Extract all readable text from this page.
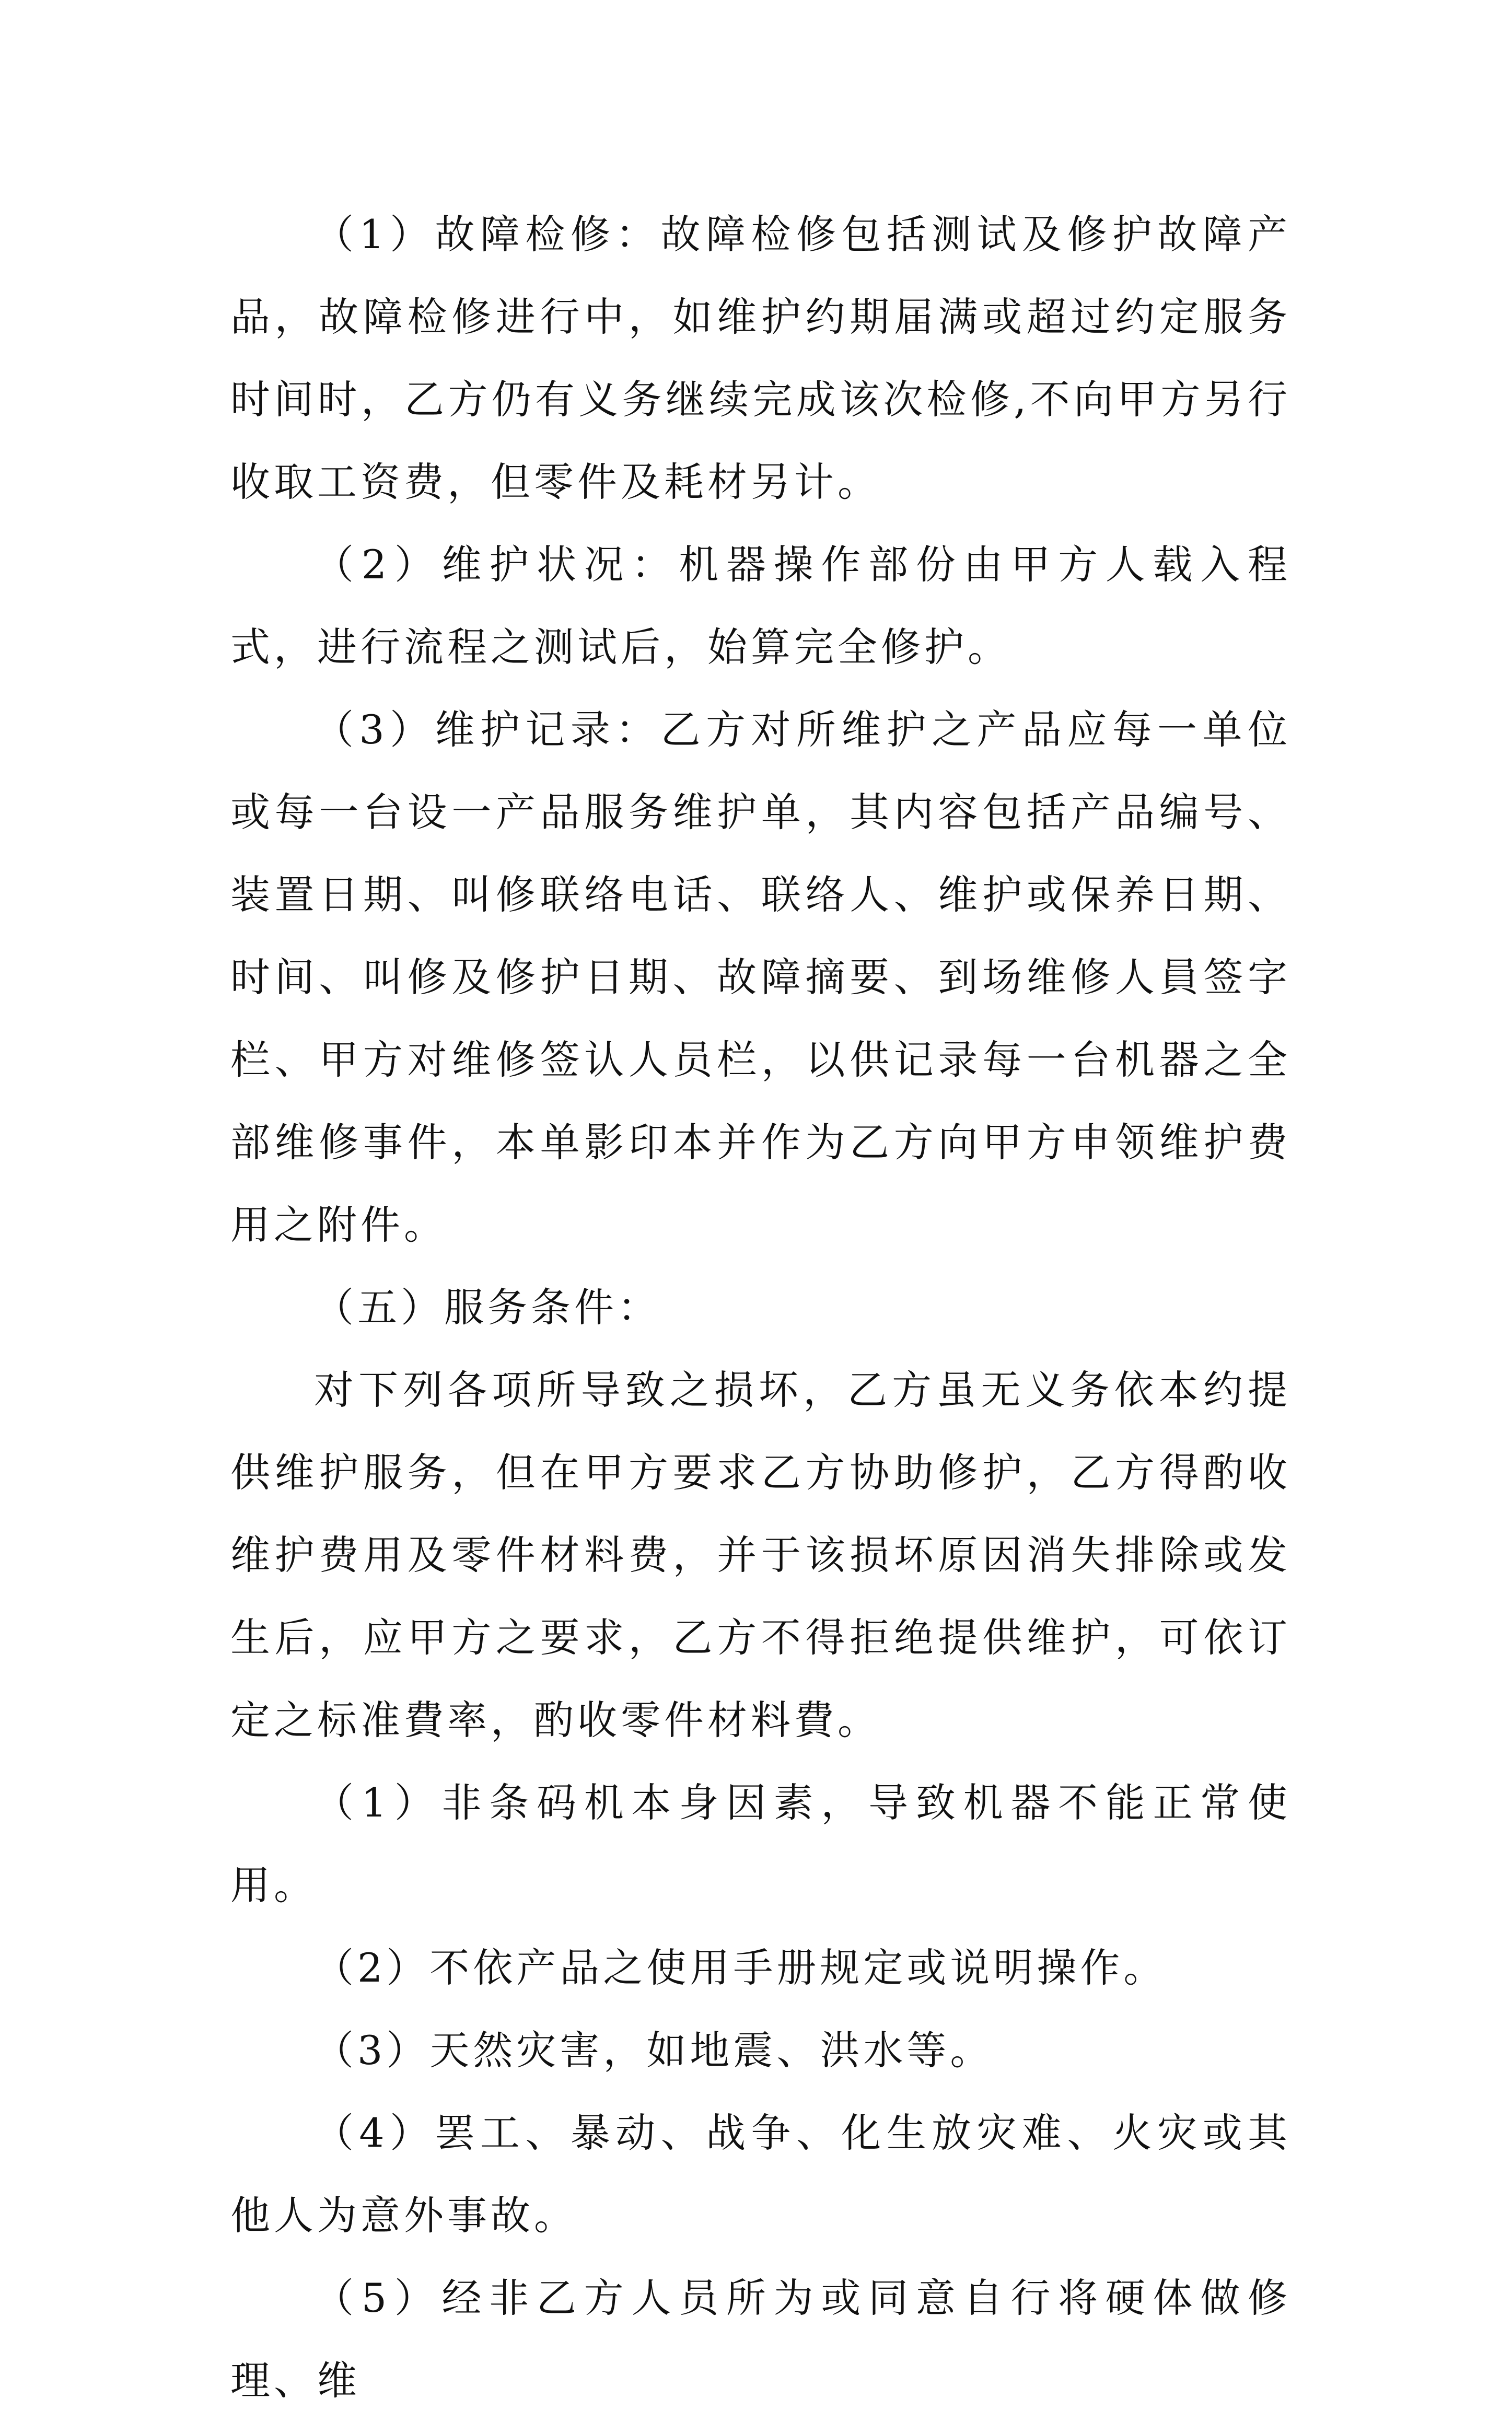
（1）故障检修：故障检修包括测试及修护故障产品，故障检修进行中，如维护约期届满或超过约定服务时间时，乙方仍有义务继续完成该次检修,不向甲方另行收取工资费，但零件及耗材另计。

（2）维护状况：机器操作部份由甲方人载入程式，进行流程之测试后，始算完全修护。

（3）维护记录：乙方对所维护之产品应每一单位或每一台设一产品服务维护单，其内容包括产品编号、装置日期、叫修联络电话、联络人、维护或保养日期、时间、叫修及修护日期、故障摘要、到场维修人員签字栏、甲方对维修签认人员栏，以供记录每一台机器之全部维修事件，本单影印本并作为乙方向甲方申领维护费用之附件。

（五）服务条件：

对下列各项所导致之损坏，乙方虽无义务依本约提供维护服务，但在甲方要求乙方协助修护，乙方得酌收维护费用及零件材料费，并于该损坏原因消失排除或发生后，应甲方之要求，乙方不得拒绝提供维护，可依订定之标准費率，酌收零件材料費。

（1）非条码机本身因素，导致机器不能正常使用。

（2）不依产品之使用手册规定或说明操作。

（3）天然灾害，如地震、洪水等。

（4）罢工、暴动、战争、化生放灾难、火灾或其他人为意外事故。

（5）经非乙方人员所为或同意自行将硬体做修理、维
